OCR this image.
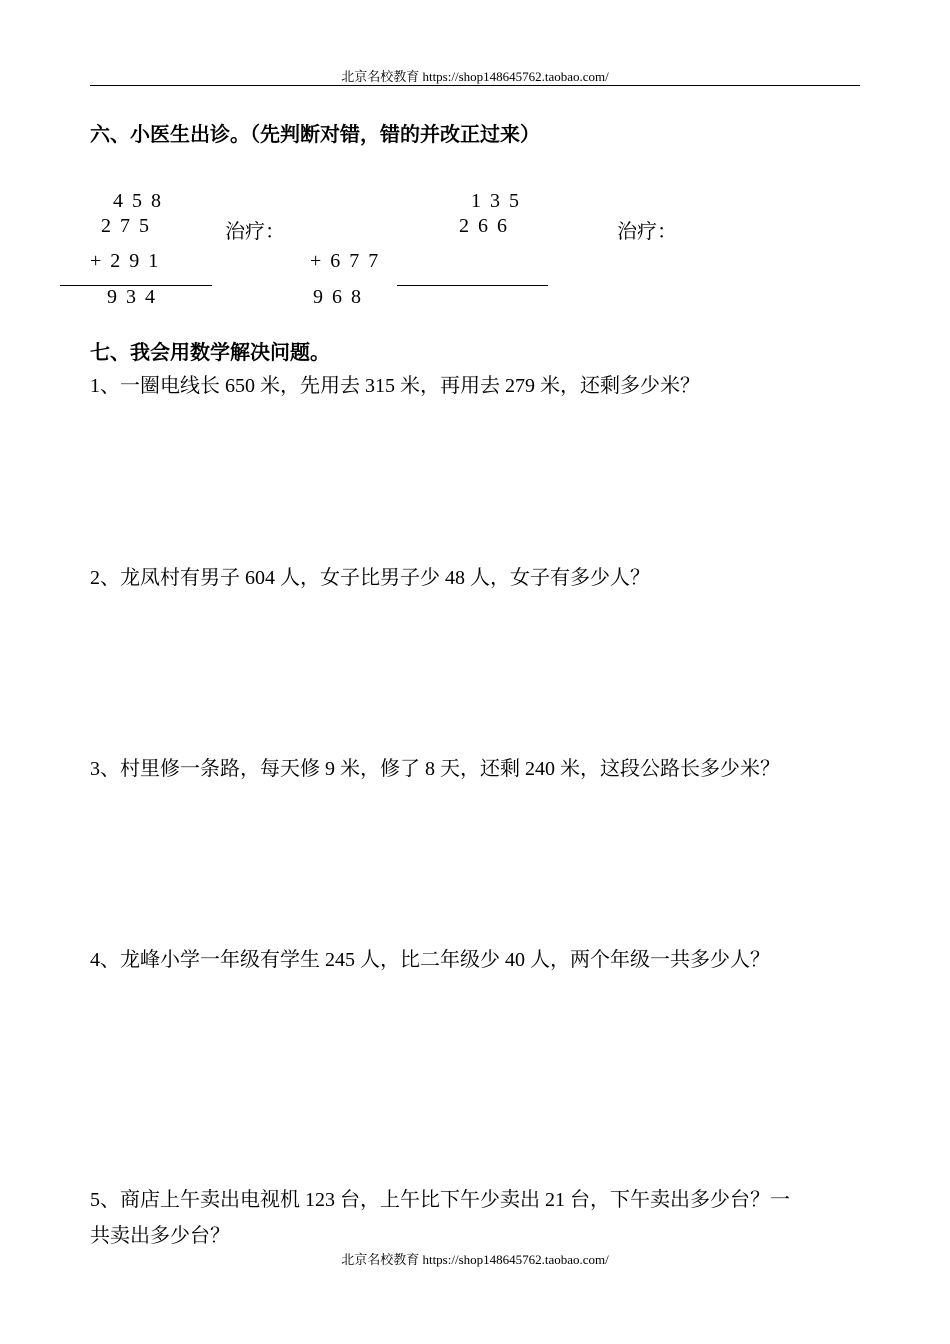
北京名校教育 https://shop148645762.taobao.com/
六、小医生出诊。（先判断对错，错的并改正过来）
4 5 8
2 7 5
+ 2 9 1
9 3 4
治疗：
+ 6 7 7
9 6 8
1 3 5
2 6 6	治疗：
七、我会用数学解决问题。
1、一圈电线长 650 米，先用去 315 米，再用去 279 米，还剩多少米？
2、龙凤村有男子 604 人，女子比男子少 48 人，女子有多少人？
3、村里修一条路，每天修 9 米，修了 8 天，还剩 240 米，这段公路长多少米？
4、龙峰小学一年级有学生 245 人，比二年级少 40 人，两个年级一共多少人？
5、商店上午卖出电视机 123 台，上午比下午少卖出 21 台，下午卖出多少台？一
共卖出多少台？
北京名校教育 https://shop148645762.taobao.com/
